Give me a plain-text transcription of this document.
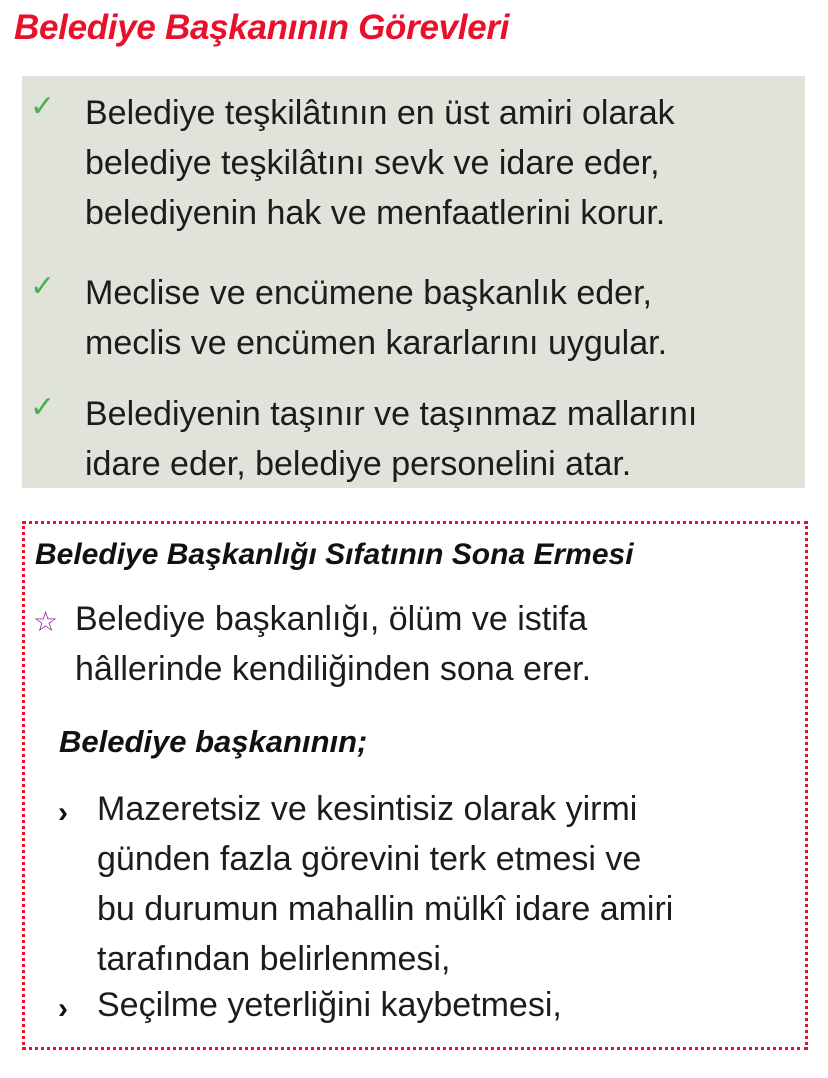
Belediye Başkanının Görevleri
✓ Belediye teşkilâtının en üst amiri olarak
belediye teşkilâtını sevk ve idare eder,
belediyenin hak ve menfaatlerini korur.
✓ Meclise ve encümene başkanlık eder,
meclis ve encümen kararlarını uygular.
✓ Belediyenin taşınır ve taşınmaz mallarını
idare eder, belediye personelini atar.
Belediye Başkanlığı Sıfatının Sona Ermesi
☆ Belediye başkanlığı, ölüm ve istifa
hâllerinde kendiliğinden sona erer.
Belediye başkanının;
› Mazeretsiz ve kesintisiz olarak yirmi
günden fazla görevini terk etmesi ve
bu durumun mahallin mülkî idare amiri
tarafından belirlenmesi,
› Seçilme yeterliğini kaybetmesi,
